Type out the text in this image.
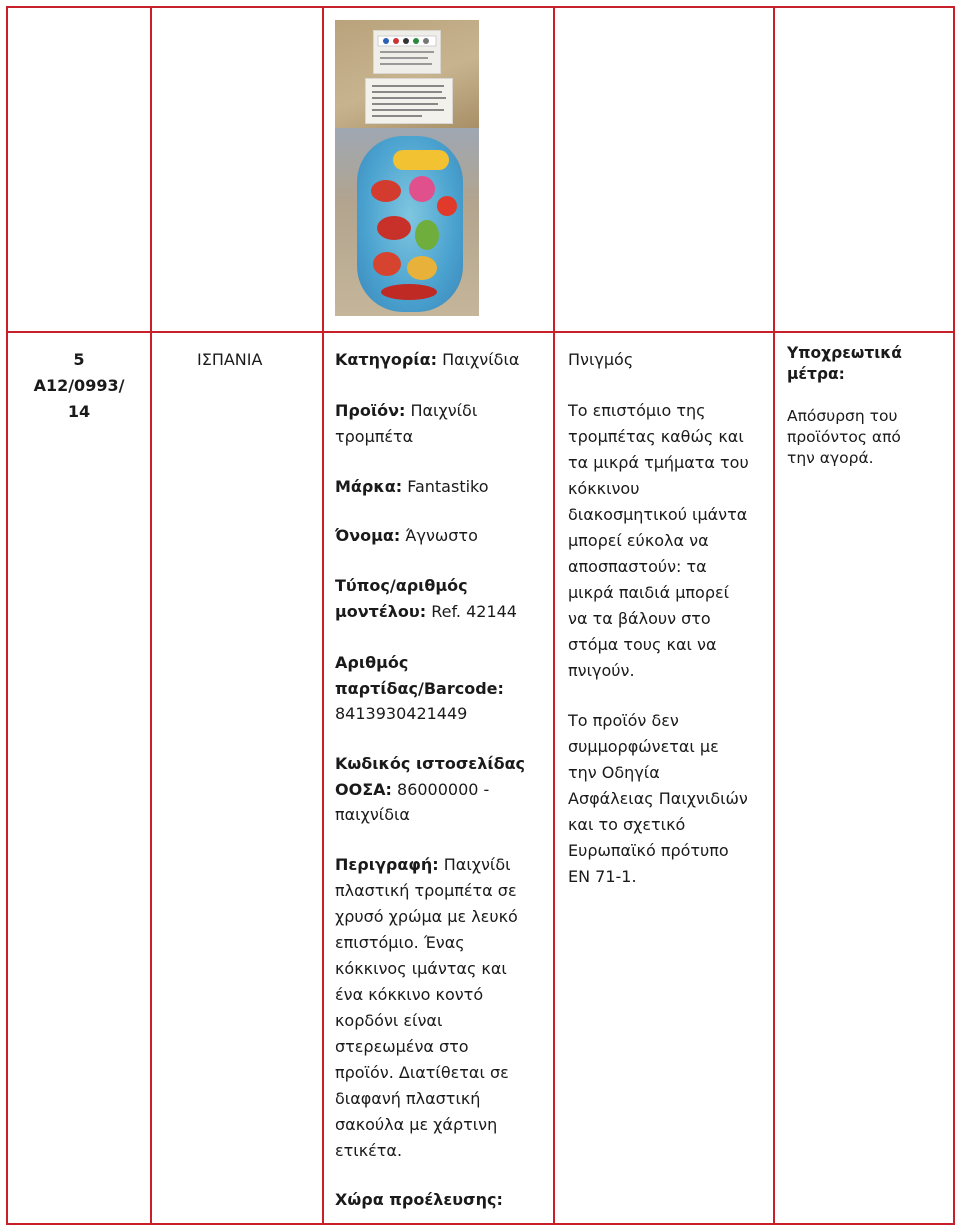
5
A12/0993/
14
ΙΣΠΑΝΙΑ	Κατηγορία: Παιχνίδια
Προϊόν: Παιχνίδι
τρομπέτα
Μάρκα: Fantastiko
Όνομα: Άγνωστο
Τύπος/αριθμός
μοντέλου: Ref. 42144
Αριθμός
παρτίδας/Barcode:
8413930421449
Κωδικός ιστοσελίδας
ΟΟΣΑ: 86000000 -
παιχνίδια
Περιγραφή: Παιχνίδι
πλαστική τρομπέτα σε
χρυσό χρώμα με λευκό
επιστόμιο. Ένας
κόκκινος ιμάντας και
ένα κόκκινο κοντό
κορδόνι είναι
στερεωμένα στο
προϊόν. Διατίθεται σε
διαφανή πλαστική
σακούλα με χάρτινη
ετικέτα.
Χώρα προέλευσης:
Πνιγμός
Το επιστόμιο της
τρομπέτας καθώς και
τα μικρά τμήματα του
κόκκινου
διακοσμητικού ιμάντα
μπορεί εύκολα να
αποσπαστούν: τα
μικρά παιδιά μπορεί
να τα βάλουν στο
στόμα τους και να
πνιγούν.
Το προϊόν δεν
συμμορφώνεται με
την Οδηγία
Ασφάλειας Παιχνιδιών
και το σχετικό
Ευρωπαϊκό πρότυπο
EN 71-1.
Υποχρεωτικά
μέτρα:
Απόσυρση του
προϊόντος από
την αγορά.
